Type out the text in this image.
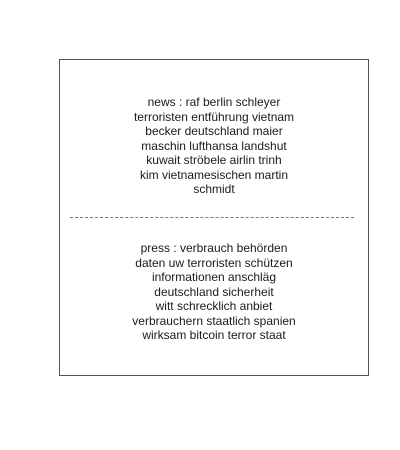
news : raf berlin schleyer
terroristen entführung vietnam
becker deutschland maier
maschin lufthansa landshut
kuwait ströbele airlin trinh
kim vietnamesischen martin
schmidt
press : verbrauch behörden
daten uw terroristen schützen
informationen anschläg
deutschland sicherheit
witt schrecklich anbiet
verbrauchern staatlich spanien
wirksam bitcoin terror staat
